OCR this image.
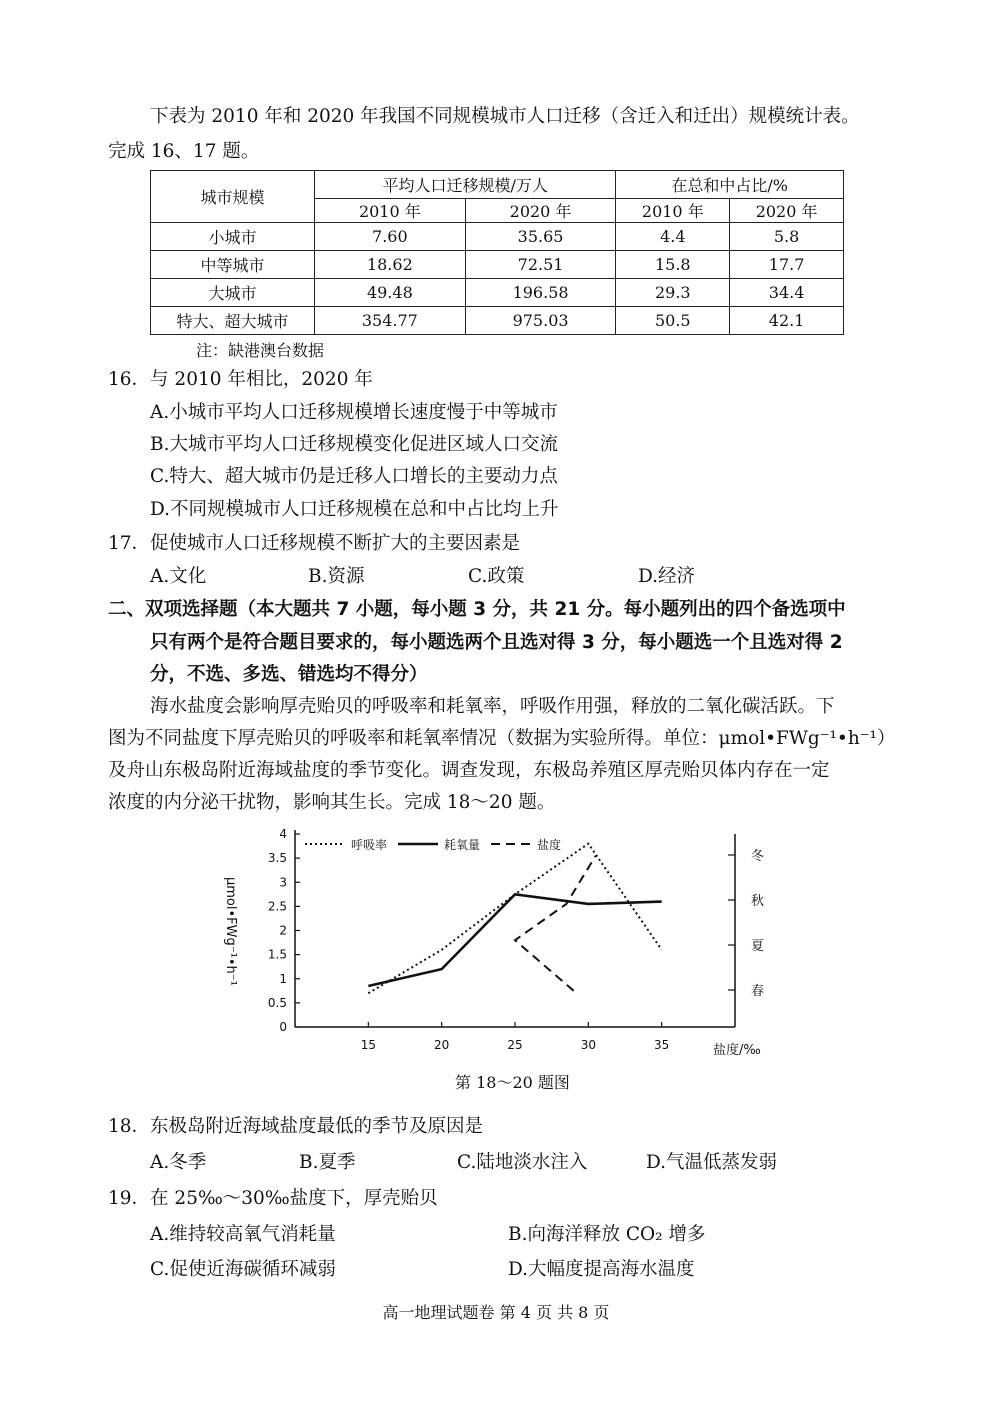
下表为 2010 年和 2020 年我国不同规模城市人口迁移（含迁入和迁出）规模统计表。

完成 16、17 题。

城市规模	平均人口迁移规模/万人		在总和中占比/%	
	2010 年	2020 年	2010 年	2020 年
小城市	7.60	35.65	4.4	5.8
中等城市	18.62	72.51	15.8	17.7
大城市	49.48	196.58	29.3	34.4
特大、超大城市	354.77	975.03	50.5	42.1
注：缺港澳台数据

16．与 2010 年相比，2020 年

A.小城市平均人口迁移规模增长速度慢于中等城市

B.大城市平均人口迁移规模变化促进区域人口交流

C.特大、超大城市仍是迁移人口增长的主要动力点

D.不同规模城市人口迁移规模在总和中占比均上升

17．促使城市人口迁移规模不断扩大的主要因素是

A.文化	B.资源	C.政策	D.经济

二、双项选择题（本大题共 7 小题，每小题 3 分，共 21 分。每小题列出的四个备选项中

只有两个是符合题目要求的，每小题选两个且选对得 3 分，每小题选一个且选对得 2

分，不选、多选、错选均不得分）

海水盐度会影响厚壳贻贝的呼吸率和耗氧率，呼吸作用强，释放的二氧化碳活跃。下

图为不同盐度下厚壳贻贝的呼吸率和耗氧率情况（数据为实验所得。单位：μmol•FWg⁻¹•h⁻¹）

及舟山东极岛附近海域盐度的季节变化。调查发现，东极岛养殖区厚壳贻贝体内存在一定

浓度的内分泌干扰物，影响其生长。完成 18～20 题。

μmol•FWg⁻¹•h⁻¹
0
0.5
1
1.5
2
2.5
3
3.5
4
15	20	25	30	35
春
夏
秋
冬
呼吸率	耗氧量	盐度
盐度/‰
第 18～20 题图

18．东极岛附近海域盐度最低的季节及原因是

A.冬季	B.夏季	C.陆地淡水注入	D.气温低蒸发弱

19．在 25‰～30‰盐度下，厚壳贻贝

A.维持较高氧气消耗量	B.向海洋释放 CO₂ 增多

C.促使近海碳循环减弱	D.大幅度提高海水温度

高一地理试题卷 第 4 页 共 8 页
